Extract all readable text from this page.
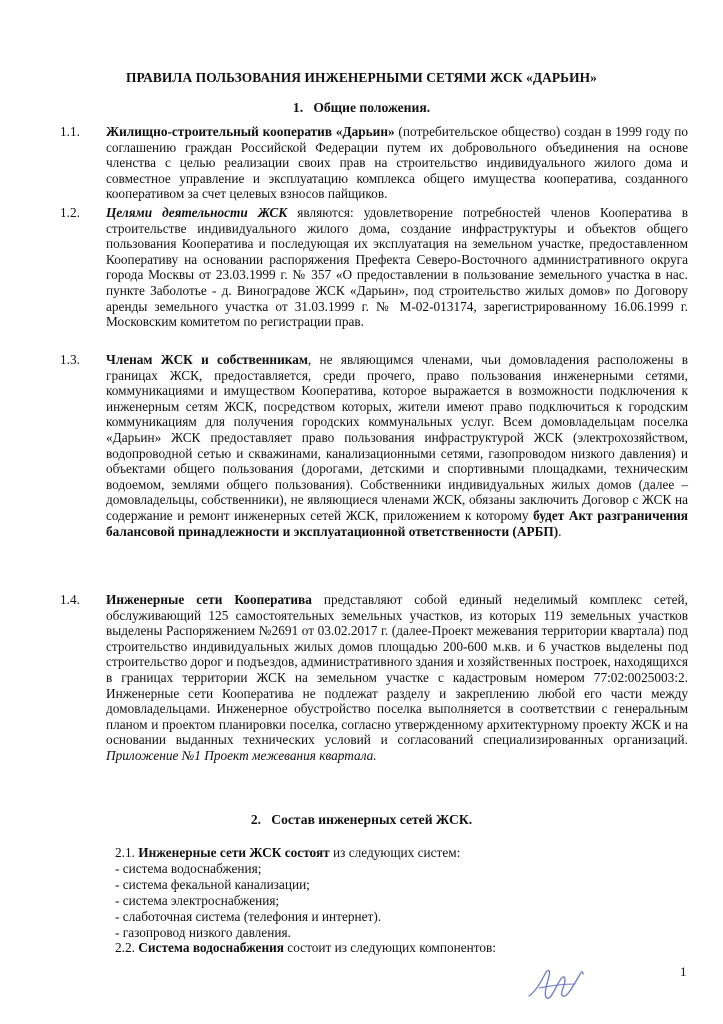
ПРАВИЛА ПОЛЬЗОВАНИЯ ИНЖЕНЕРНЫМИ СЕТЯМИ ЖСК «ДАРЬИН»
1. Общие положения.
1.1.	Жилищно-строительный кооператив «Дарьин» (потребительское общество) создан в 1999 году по соглашению граждан Российской Федерации путем их добровольного объединения на основе членства с целью реализации своих прав на строительство индивидуального жилого дома и совместное управление и эксплуатацию комплекса общего имущества кооператива, созданного кооперативом за счет целевых взносов пайщиков.
1.2.	Целями деятельности ЖСК являются: удовлетворение потребностей членов Кооператива в строительстве индивидуального жилого дома, создание инфраструктуры и объектов общего пользования Кооператива и последующая их эксплуатация на земельном участке, предоставленном Кооперативу на основании распоряжения Префекта Северо-Восточного административного округа города Москвы от 23.03.1999 г. № 357 «О предоставлении в пользование земельного участка в нас. пункте Заболотье - д. Виноградове ЖСК «Дарьин», под строительство жилых домов» по Договору аренды земельного участка от 31.03.1999 г. № М-02-013174, зарегистрированному 16.06.1999 г. Московским комитетом по регистрации прав.
1.3.	Членам ЖСК и собственникам, не являющимся членами, чьи домовладения расположены в границах ЖСК, предоставляется, среди прочего, право пользования инженерными сетями, коммуникациями и имуществом Кооператива, которое выражается в возможности подключения к инженерным сетям ЖСК, посредством которых, жители имеют право подключиться к городским коммуникациям для получения городских коммунальных услуг. Всем домовладельцам поселка «Дарьин» ЖСК предоставляет право пользования инфраструктурой ЖСК (электрохозяйством, водопроводной сетью и скважинами, канализационными сетями, газопроводом низкого давления) и объектами общего пользования (дорогами, детскими и спортивными площадками, техническим водоемом, землями общего пользования). Собственники индивидуальных жилых домов (далее – домовладельцы, собственники), не являющиеся членами ЖСК, обязаны заключить Договор с ЖСК на содержание и ремонт инженерных сетей ЖСК, приложением к которому будет Акт разграничения балансовой принадлежности и эксплуатационной ответственности (АРБП).
1.4.	Инженерные сети Кооператива представляют собой единый неделимый комплекс сетей, обслуживающий 125 самостоятельных земельных участков, из которых 119 земельных участков выделены Распоряжением №2691 от 03.02.2017 г. (далее-Проект межевания территории квартала) под строительство индивидуальных жилых домов площадью 200-600 м.кв. и 6 участков выделены под строительство дорог и подъездов, административного здания и хозяйственных построек, находящихся в границах территории ЖСК на земельном участке с кадастровым номером 77:02:0025003:2. Инженерные сети Кооператива не подлежат разделу и закреплению любой его части между домовладельцами. Инженерное обустройство поселка выполняется в соответствии с генеральным планом и проектом планировки поселка, согласно утвержденному архитектурному проекту ЖСК и на основании выданных технических условий и согласований специализированных организаций. Приложение №1 Проект межевания квартала.
2. Состав инженерных сетей ЖСК.
2.1. Инженерные сети ЖСК состоят из следующих систем:
- система водоснабжения;
- система фекальной канализации;
- система электроснабжения;
- слаботочная система (телефония и интернет).
- газопровод низкого давления.
2.2. Система водоснабжения состоит из следующих компонентов:
1
